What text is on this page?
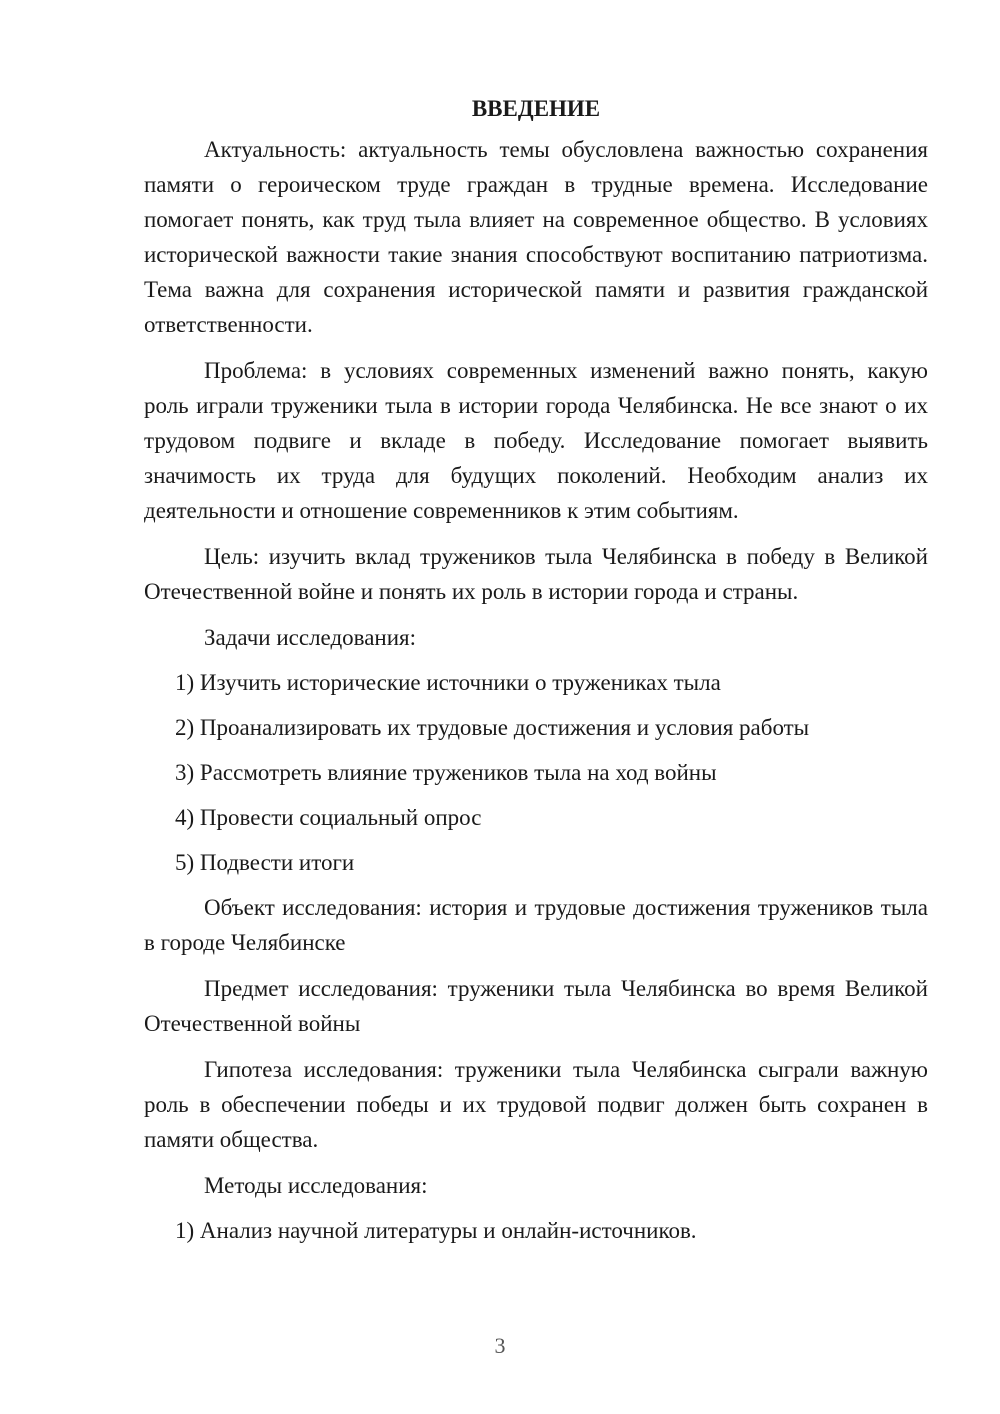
ВВЕДЕНИЕ

Актуальность: актуальность темы обусловлена важностью сохранения памяти о героическом труде граждан в трудные времена. Исследование помогает понять, как труд тыла влияет на современное общество. В условиях исторической важности такие знания способствуют воспитанию патриотизма. Тема важна для сохранения исторической памяти и развития гражданской ответственности.

Проблема: в условиях современных изменений важно понять, какую роль играли труженики тыла в истории города Челябинска. Не все знают о их трудовом подвиге и вкладе в победу. Исследование помогает выявить значимость их труда для будущих поколений. Необходим анализ их деятельности и отношение современников к этим событиям.

Цель: изучить вклад тружеников тыла Челябинска в победу в Великой Отечественной войне и понять их роль в истории города и страны.

Задачи исследования:

1) Изучить исторические источники о тружениках тыла

2) Проанализировать их трудовые достижения и условия работы

3) Рассмотреть влияние тружеников тыла на ход войны

4) Провести социальный опрос

5) Подвести итоги

Объект исследования: история и трудовые достижения тружеников тыла в городе Челябинске

Предмет исследования: труженики тыла Челябинска во время Великой Отечественной войны

Гипотеза исследования: труженики тыла Челябинска сыграли важную роль в обеспечении победы и их трудовой подвиг должен быть сохранен в памяти общества.

Методы исследования:

1) Анализ научной литературы и онлайн-источников.

3
